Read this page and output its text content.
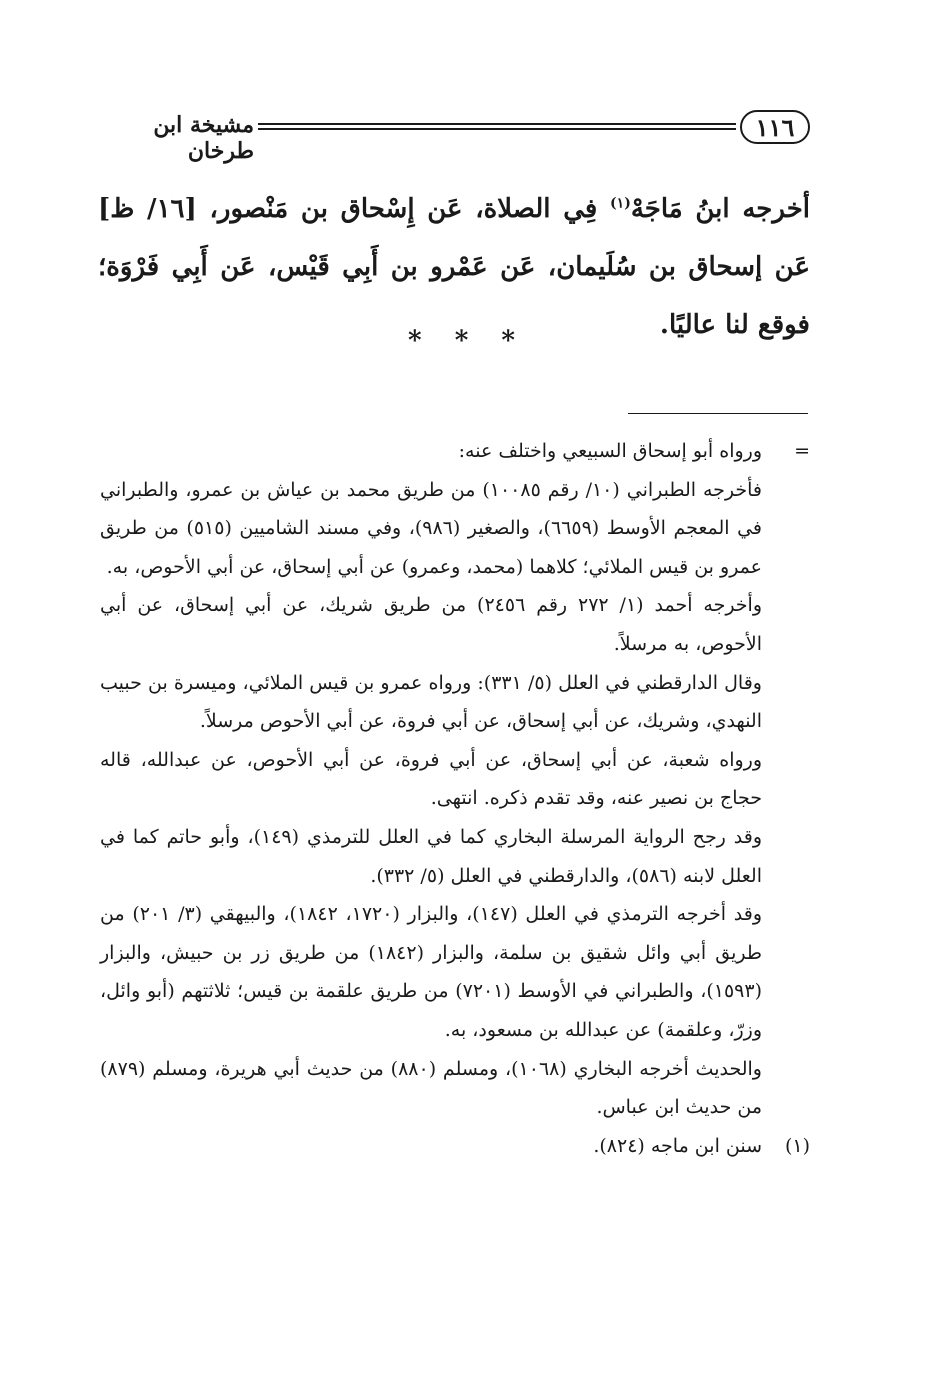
١١٦
مشيخة ابن طرخان
أخرجه ابنُ مَاجَهْ$^{(١)}$ فِي الصلاة، عَن إِسْحاق بن مَنْصور، [١٦/ ظ] عَن إسحاق بن سُلَيمان، عَن عَمْرو بن أَبِي قَيْس، عَن أَبِي فَرْوَة؛ فوقع لنا عاليًا.
* * *

=
ورواه أبو إسحاق السبيعي واختلف عنه:

فأخرجه الطبراني (١٠/ رقم ١٠٠٨٥) من طريق محمد بن عياش بن عمرو، والطبراني في المعجم الأوسط (٦٦٥٩)، والصغير (٩٨٦)، وفي مسند الشاميين (٥١٥) من طريق عمرو بن قيس الملائي؛ كلاهما (محمد، وعمرو) عن أبي إسحاق، عن أبي الأحوص، به.

وأخرجه أحمد (١/ ٢٧٢ رقم ٢٤٥٦) من طريق شريك، عن أبي إسحاق، عن أبي الأحوص، به مرسلاً.

وقال الدارقطني في العلل (٥/ ٣٣١): ورواه عمرو بن قيس الملائي، وميسرة بن حبيب النهدي، وشريك، عن أبي إسحاق، عن أبي فروة، عن أبي الأحوص مرسلاً.

ورواه شعبة، عن أبي إسحاق، عن أبي فروة، عن أبي الأحوص، عن عبدالله، قاله حجاج بن نصير عنه، وقد تقدم ذكره. انتهى.

وقد رجح الرواية المرسلة البخاري كما في العلل للترمذي (١٤٩)، وأبو حاتم كما في العلل لابنه (٥٨٦)، والدارقطني في العلل (٥/ ٣٣٢).

وقد أخرجه الترمذي في العلل (١٤٧)، والبزار (١٧٢٠، ١٨٤٢)، والبيهقي (٣/ ٢٠١) من طريق أبي وائل شقيق بن سلمة، والبزار (١٨٤٢) من طريق زر بن حبيش، والبزار (١٥٩٣)، والطبراني في الأوسط (٧٢٠١) من طريق علقمة بن قيس؛ ثلاثتهم (أبو وائل، وزرّ، وعلقمة) عن عبدالله بن مسعود، به.

والحديث أخرجه البخاري (١٠٦٨)، ومسلم (٨٨٠) من حديث أبي هريرة، ومسلم (٨٧٩) من حديث ابن عباس.

(١)
سنن ابن ماجه (٨٢٤).
